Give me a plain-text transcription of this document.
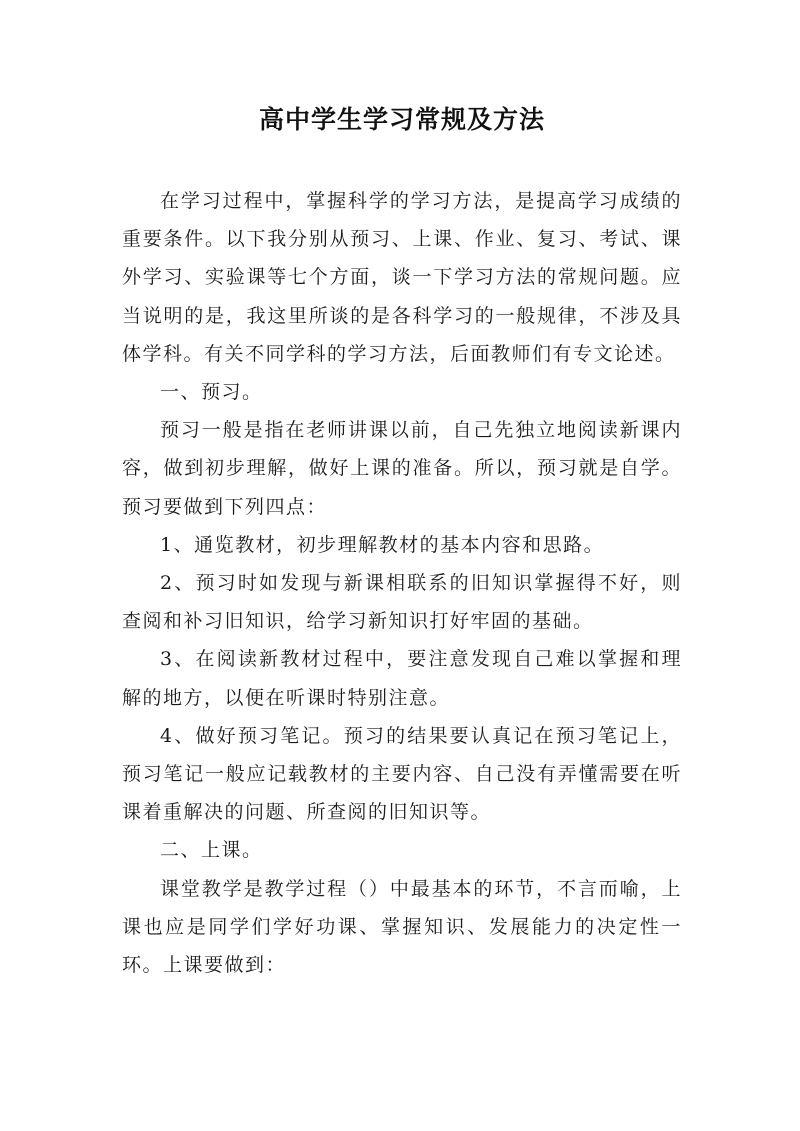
高中学生学习常规及方法

在学习过程中，掌握科学的学习方法，是提高学习成绩的重要条件。以下我分别从预习、上课、作业、复习、考试、课外学习、实验课等七个方面，谈一下学习方法的常规问题。应当说明的是，我这里所谈的是各科学习的一般规律，不涉及具体学科。有关不同学科的学习方法，后面教师们有专文论述。

一、预习。

预习一般是指在老师讲课以前，自己先独立地阅读新课内容，做到初步理解，做好上课的准备。所以，预习就是自学。预习要做到下列四点：

1、通览教材，初步理解教材的基本内容和思路。

2、预习时如发现与新课相联系的旧知识掌握得不好，则查阅和补习旧知识，给学习新知识打好牢固的基础。

3、在阅读新教材过程中，要注意发现自己难以掌握和理解的地方，以便在听课时特别注意。

4、做好预习笔记。预习的结果要认真记在预习笔记上，预习笔记一般应记载教材的主要内容、自己没有弄懂需要在听课着重解决的问题、所查阅的旧知识等。

二、上课。

课堂教学是教学过程（）中最基本的环节，不言而喻，上课也应是同学们学好功课、掌握知识、发展能力的决定性一环。上课要做到：
